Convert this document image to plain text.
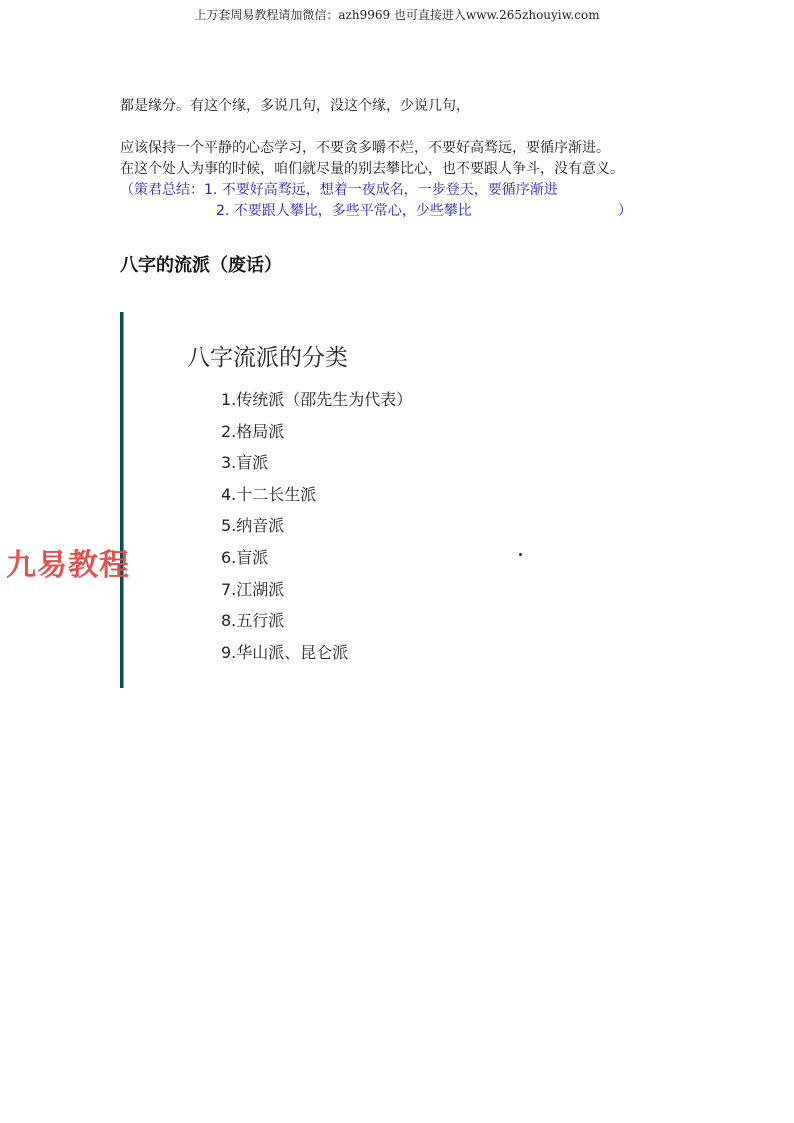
上万套周易教程请加微信：azh9969 也可直接进入www.265zhouyiw.com
都是缘分。有这个缘，多说几句，没这个缘，少说几句，
应该保持一个平静的心态学习，不要贪多嚼不烂，不要好高骛远，要循序渐进。
在这个处人为事的时候，咱们就尽量的别去攀比心，也不要跟人争斗，没有意义。
（策君总结：1. 不要好高骛远，想着一夜成名，一步登天，要循序渐进
2. 不要跟人攀比，多些平常心，少些攀比	）
八字的流派（废话）
八字流派的分类
1.传统派（邵先生为代表）
2.格局派
3.盲派
4.十二长生派
5.纳音派
6.盲派
7.江湖派
8.五行派
9.华山派、昆仑派
九易教程
